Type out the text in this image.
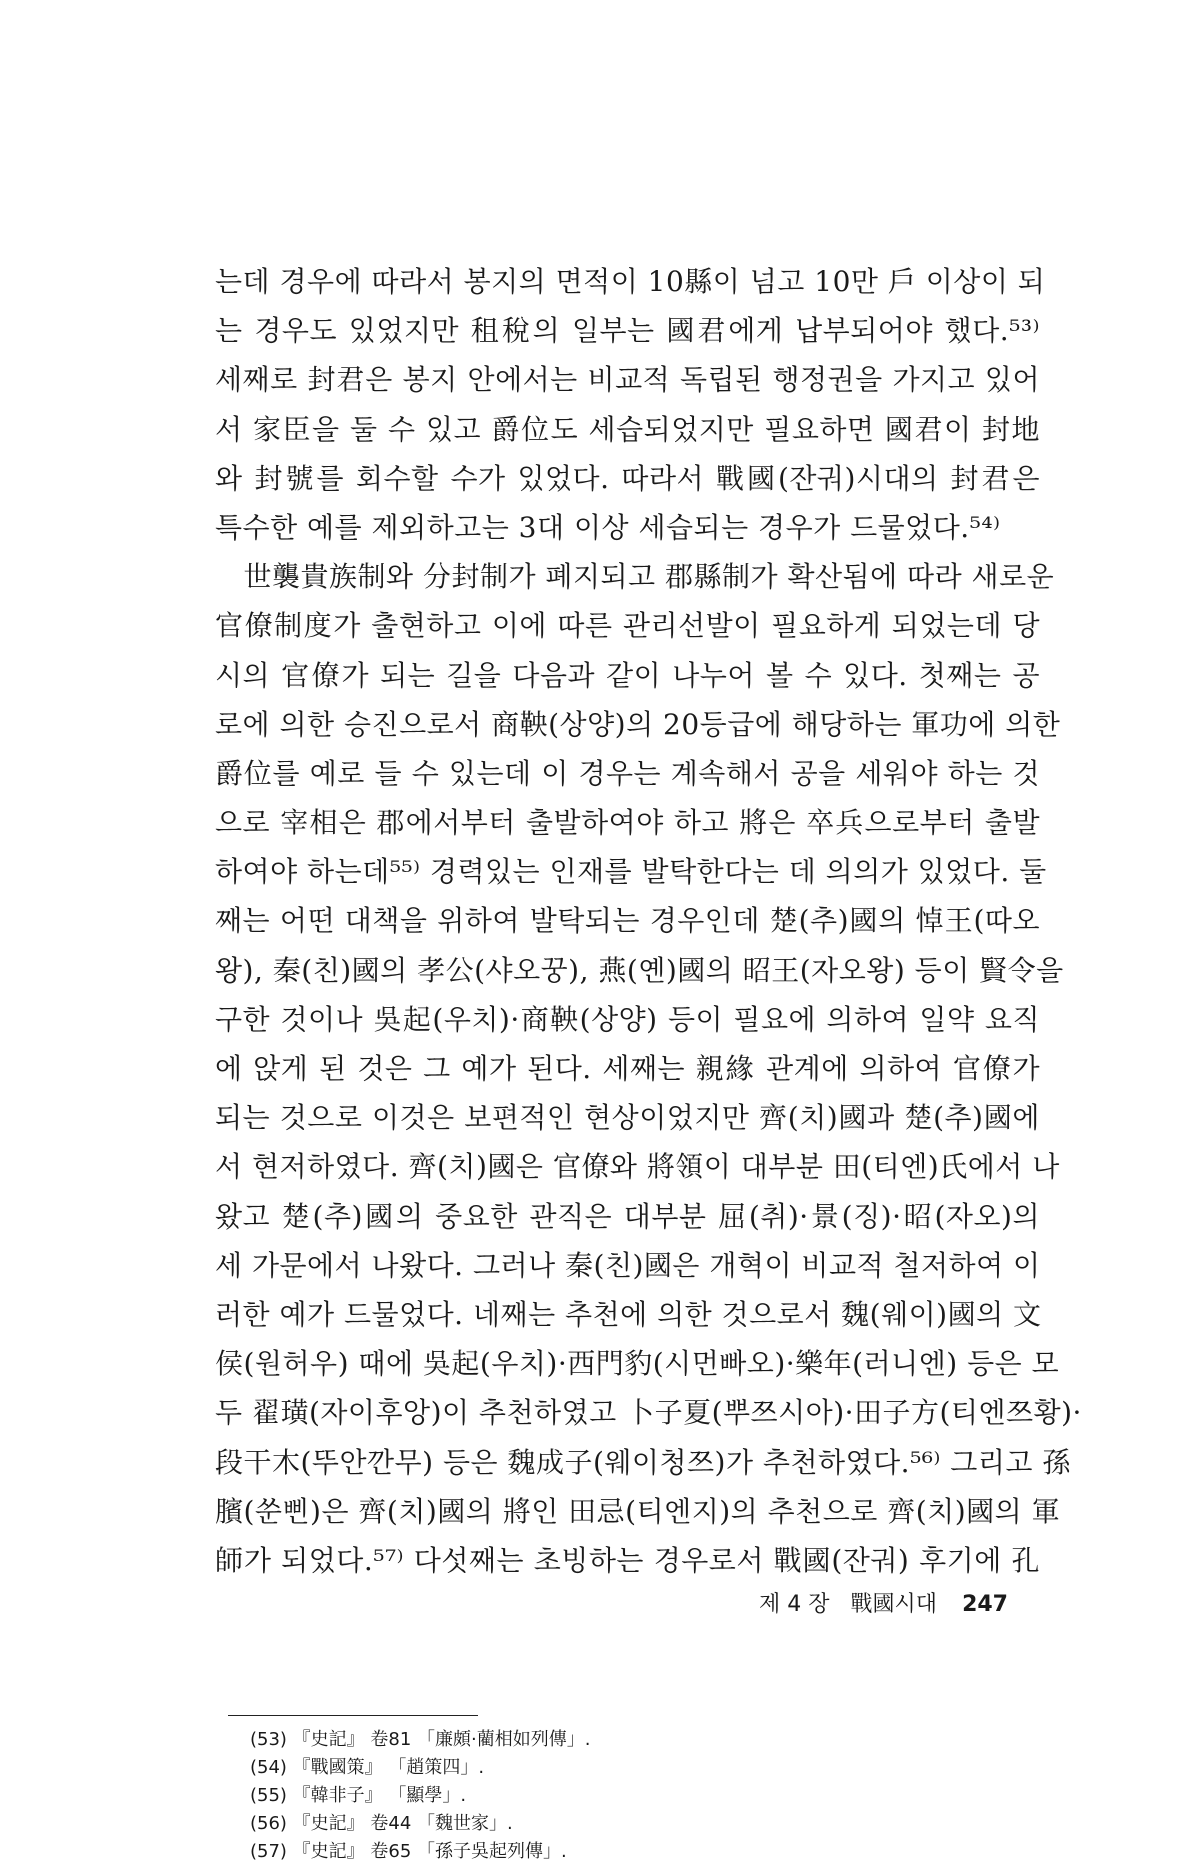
는데 경우에 따라서 봉지의 면적이 10縣이 넘고 10만 戶 이상이 되
는 경우도 있었지만 租稅의 일부는 國君에게 납부되어야 했다.⁵³⁾
세째로 封君은 봉지 안에서는 비교적 독립된 행정권을 가지고 있어
서 家臣을 둘 수 있고 爵位도 세습되었지만 필요하면 國君이 封地
와 封號를 회수할 수가 있었다. 따라서 戰國(잔궈)시대의 封君은
특수한 예를 제외하고는 3대 이상 세습되는 경우가 드물었다.⁵⁴⁾
　世襲貴族制와 分封制가 폐지되고 郡縣制가 확산됨에 따라 새로운
官僚制度가 출현하고 이에 따른 관리선발이 필요하게 되었는데 당
시의 官僚가 되는 길을 다음과 같이 나누어 볼 수 있다. 첫째는 공
로에 의한 승진으로서 商鞅(상양)의 20등급에 해당하는 軍功에 의한
爵位를 예로 들 수 있는데 이 경우는 계속해서 공을 세워야 하는 것
으로 宰相은 郡에서부터 출발하여야 하고 將은 卒兵으로부터 출발
하여야 하는데⁵⁵⁾ 경력있는 인재를 발탁한다는 데 의의가 있었다. 둘
째는 어떤 대책을 위하여 발탁되는 경우인데 楚(추)國의 悼王(따오
왕), 秦(친)國의 孝公(샤오꿍), 燕(옌)國의 昭王(자오왕) 등이 賢令을
구한 것이나 吳起(우치)·商鞅(상양) 등이 필요에 의하여 일약 요직
에 앉게 된 것은 그 예가 된다. 세째는 親緣 관계에 의하여 官僚가
되는 것으로 이것은 보편적인 현상이었지만 齊(치)國과 楚(추)國에
서 현저하였다. 齊(치)國은 官僚와 將領이 대부분 田(티엔)氏에서 나
왔고 楚(추)國의 중요한 관직은 대부분 屈(취)·景(징)·昭(자오)의
세 가문에서 나왔다. 그러나 秦(친)國은 개혁이 비교적 철저하여 이
러한 예가 드물었다. 네째는 추천에 의한 것으로서 魏(웨이)國의 文
侯(원허우) 때에 吳起(우치)·西門豹(시먼빠오)·樂年(러니엔) 등은 모
두 翟璜(자이후앙)이 추천하였고 卜子夏(뿌쯔시아)·田子方(티엔쯔황)·
段干木(뚜안깐무) 등은 魏成子(웨이청쯔)가 추천하였다.⁵⁶⁾ 그리고 孫
臏(쑨삔)은 齊(치)國의 將인 田忌(티엔지)의 추천으로 齊(치)國의 軍
師가 되었다.⁵⁷⁾ 다섯째는 초빙하는 경우로서 戰國(잔궈) 후기에 孔
(53) 『史記』 卷81 「廉頗·藺相如列傳」.
(54) 『戰國策』 「趙策四」.
(55) 『韓非子』 「顯學」.
(56) 『史記』 卷44 「魏世家」.
(57) 『史記』 卷65 「孫子吳起列傳」.
제 4 장 戰國시대 247
